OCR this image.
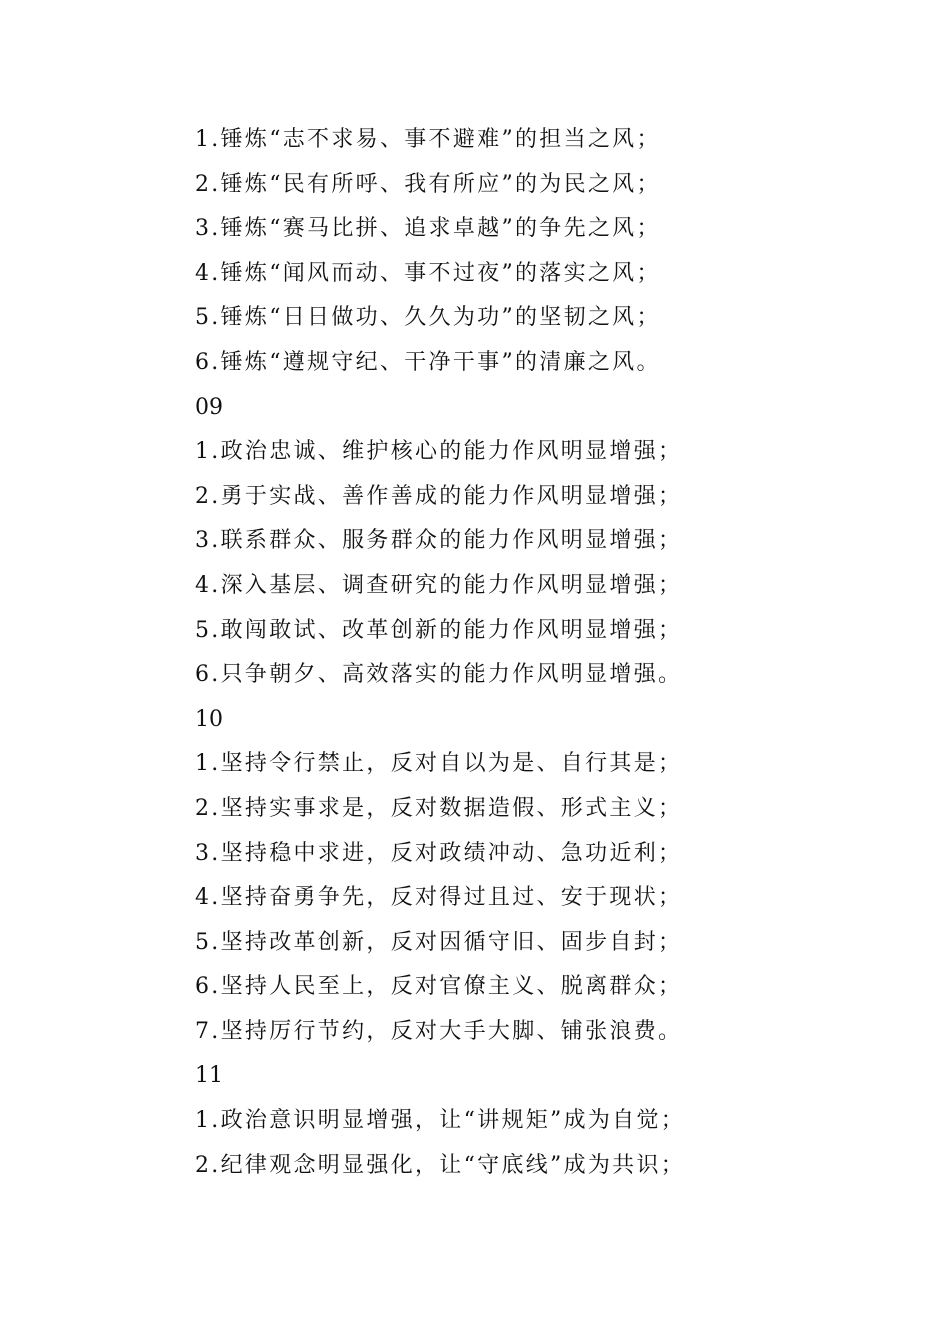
1.锤炼“志不求易、事不避难”的担当之风；
2.锤炼“民有所呼、我有所应”的为民之风；
3.锤炼“赛马比拼、追求卓越”的争先之风；
4.锤炼“闻风而动、事不过夜”的落实之风；
5.锤炼“日日做功、久久为功”的坚韧之风；
6.锤炼“遵规守纪、干净干事”的清廉之风。
09
1.政治忠诚、维护核心的能力作风明显增强；
2.勇于实战、善作善成的能力作风明显增强；
3.联系群众、服务群众的能力作风明显增强；
4.深入基层、调查研究的能力作风明显增强；
5.敢闯敢试、改革创新的能力作风明显增强；
6.只争朝夕、高效落实的能力作风明显增强。
10
1.坚持令行禁止，反对自以为是、自行其是；
2.坚持实事求是，反对数据造假、形式主义；
3.坚持稳中求进，反对政绩冲动、急功近利；
4.坚持奋勇争先，反对得过且过、安于现状；
5.坚持改革创新，反对因循守旧、固步自封；
6.坚持人民至上，反对官僚主义、脱离群众；
7.坚持厉行节约，反对大手大脚、铺张浪费。
11
1.政治意识明显增强，让“讲规矩”成为自觉；
2.纪律观念明显强化，让“守底线”成为共识；
